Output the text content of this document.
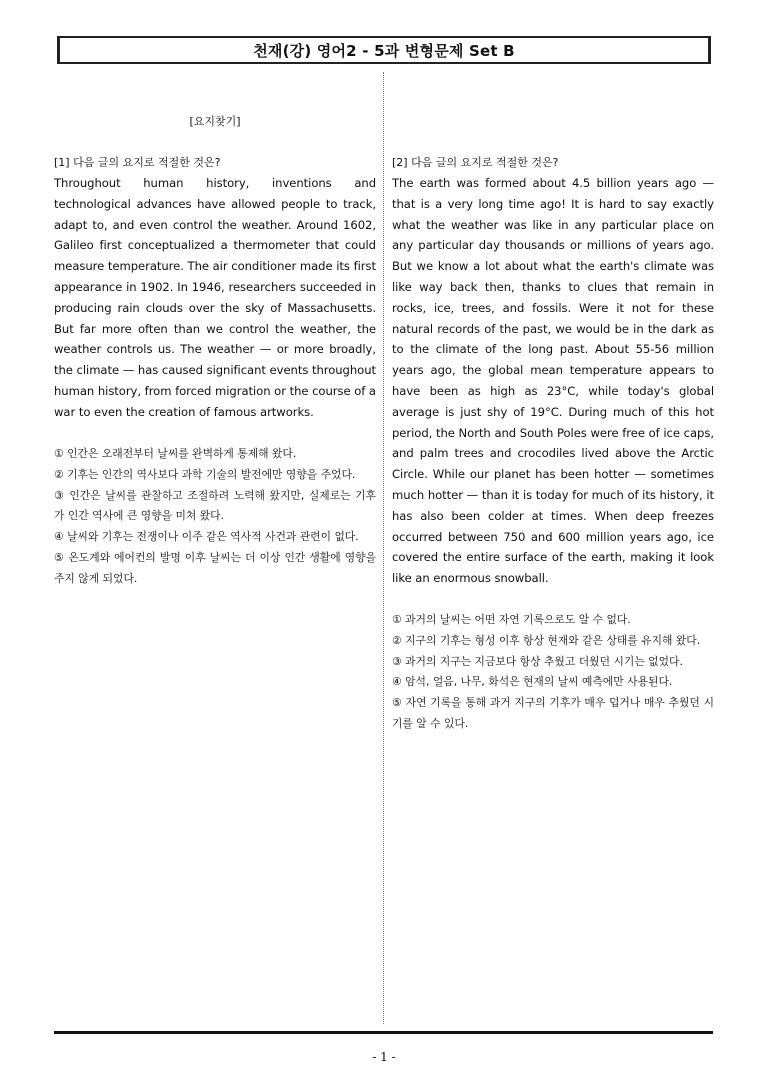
천재(강) 영어2 - 5과 변형문제 Set B
[요지찾기]
[1] 다음 글의 요지로 적절한 것은?
Throughout human history, inventions and technological advances have allowed people to track, adapt to, and even control the weather. Around 1602, Galileo first conceptualized a thermometer that could measure temperature. The air conditioner made its first appearance in 1902. In 1946, researchers succeeded in producing rain clouds over the sky of Massachusetts. But far more often than we control the weather, the weather controls us. The weather — or more broadly, the climate — has caused significant events throughout human history, from forced migration or the course of a war to even the creation of famous artworks.
① 인간은 오래전부터 날씨를 완벽하게 통제해 왔다.
② 기후는 인간의 역사보다 과학 기술의 발전에만 영향을 주었다.
③ 인간은 날씨를 관찰하고 조절하려 노력해 왔지만, 실제로는 기후가 인간 역사에 큰 영향을 미쳐 왔다.
④ 날씨와 기후는 전쟁이나 이주 같은 역사적 사건과 관련이 없다.
⑤ 온도계와 에어컨의 발명 이후 날씨는 더 이상 인간 생활에 영향을 주지 않게 되었다.
[2] 다음 글의 요지로 적절한 것은?
The earth was formed about 4.5 billion years ago — that is a very long time ago! It is hard to say exactly what the weather was like in any particular place on any particular day thousands or millions of years ago. But we know a lot about what the earth's climate was like way back then, thanks to clues that remain in rocks, ice, trees, and fossils. Were it not for these natural records of the past, we would be in the dark as to the climate of the long past. About 55-56 million years ago, the global mean temperature appears to have been as high as 23°C, while today's global average is just shy of 19°C. During much of this hot period, the North and South Poles were free of ice caps, and palm trees and crocodiles lived above the Arctic Circle. While our planet has been hotter — sometimes much hotter — than it is today for much of its history, it has also been colder at times. When deep freezes occurred between 750 and 600 million years ago, ice covered the entire surface of the earth, making it look like an enormous snowball.
① 과거의 날씨는 어떤 자연 기록으로도 알 수 없다.
② 지구의 기후는 형성 이후 항상 현재와 같은 상태를 유지해 왔다.
③ 과거의 지구는 지금보다 항상 추웠고 더웠던 시기는 없었다.
④ 암석, 얼음, 나무, 화석은 현재의 날씨 예측에만 사용된다.
⑤ 자연 기록을 통해 과거 지구의 기후가 매우 덥거나 매우 추웠던 시기를 알 수 있다.
- 1 -
